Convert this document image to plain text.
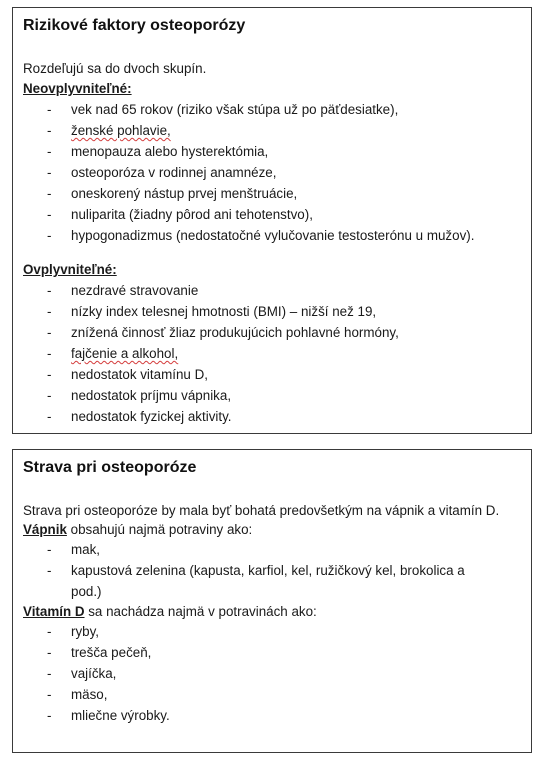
Rizikové faktory osteoporózy

Rozdeľujú sa do dvoch skupín.

Neovplyvniteľné:

- vek nad 65 rokov (riziko však stúpa už po päťdesiatke),
- ženské pohlavie,
- menopauza alebo hysterektómia,
- osteoporóza v rodinnej anamnéze,
- oneskorený nástup prvej menštruácie,
- nuliparita (žiadny pôrod ani tehotenstvo),
- hypogonadizmus (nedostatočné vylučovanie testosterónu u mužov).

Ovplyvniteľné:

- nezdravé stravovanie
- nízky index telesnej hmotnosti (BMI) – nižší než 19,
- znížená činnosť žliaz produkujúcich pohlavné hormóny,
- fajčenie a alkohol,
- nedostatok vitamínu D,
- nedostatok príjmu vápnika,
- nedostatok fyzickej aktivity.

Strava pri osteoporóze

Strava pri osteoporóze by mala byť bohatá predovšetkým na vápnik a vitamín D.

Vápnik obsahujú najmä potraviny ako:

- mak,
- kapustová zelenina (kapusta, karfiol, kel, ružičkový kel, brokolica a pod.)

Vitamín D sa nachádza najmä v potravinách ako:

- ryby,
- trešča pečeň,
- vajíčka,
- mäso,
- mliečne výrobky.
